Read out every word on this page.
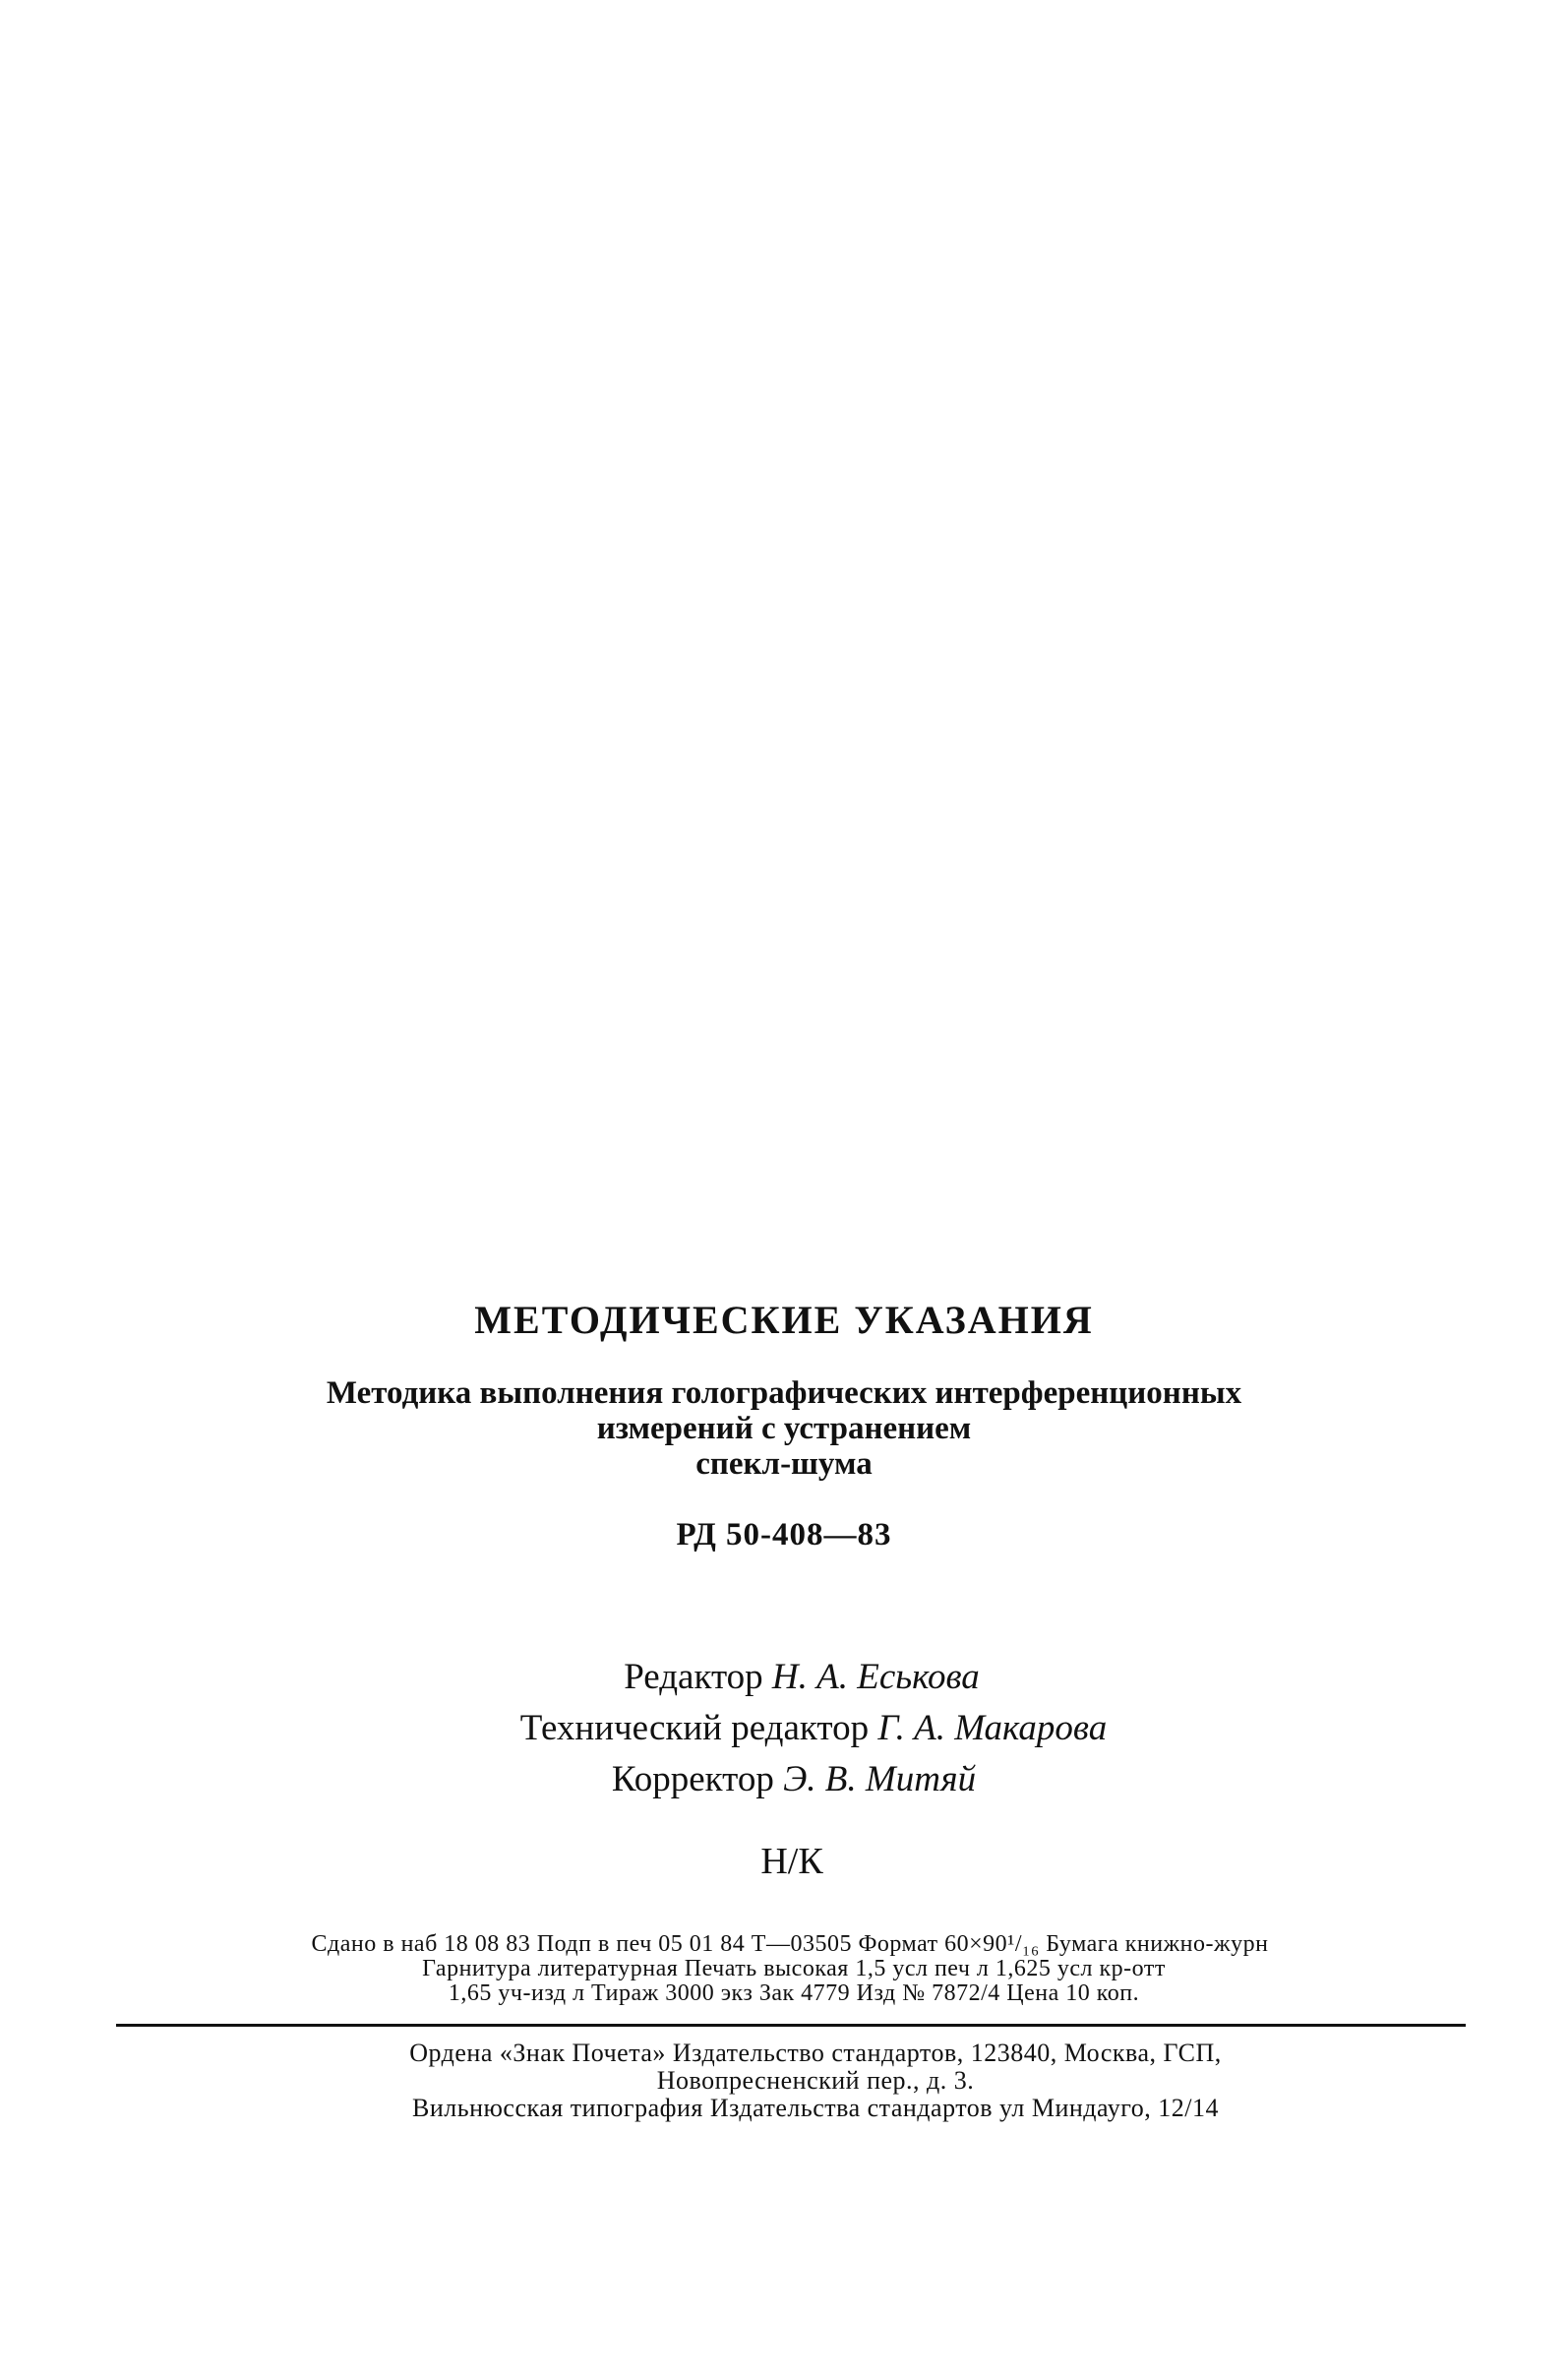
МЕТОДИЧЕСКИЕ УКАЗАНИЯ
Методика выполнения голографических интерференционных
измерений с устранением
спекл-шума
РД 50-408—83
Редактор Н. А. Еськова
Технический редактор Г. А. Макарова
Корректор Э. В. Митяй
Н/К
Сдано в наб 18 08 83 Подп в печ 05 01 84 Т—03505 Формат 60×90¹/₁₆ Бумага книжно-журн
Гарнитура литературная Печать высокая 1,5 усл печ л 1,625 усл кр-отт
1,65 уч-изд л Тираж 3000 экз Зак 4779 Изд № 7872/4 Цена 10 коп.
Ордена «Знак Почета» Издательство стандартов, 123840, Москва, ГСП,
Новопресненский пер., д. 3.
Вильнюсская типография Издательства стандартов ул Миндауго, 12/14
